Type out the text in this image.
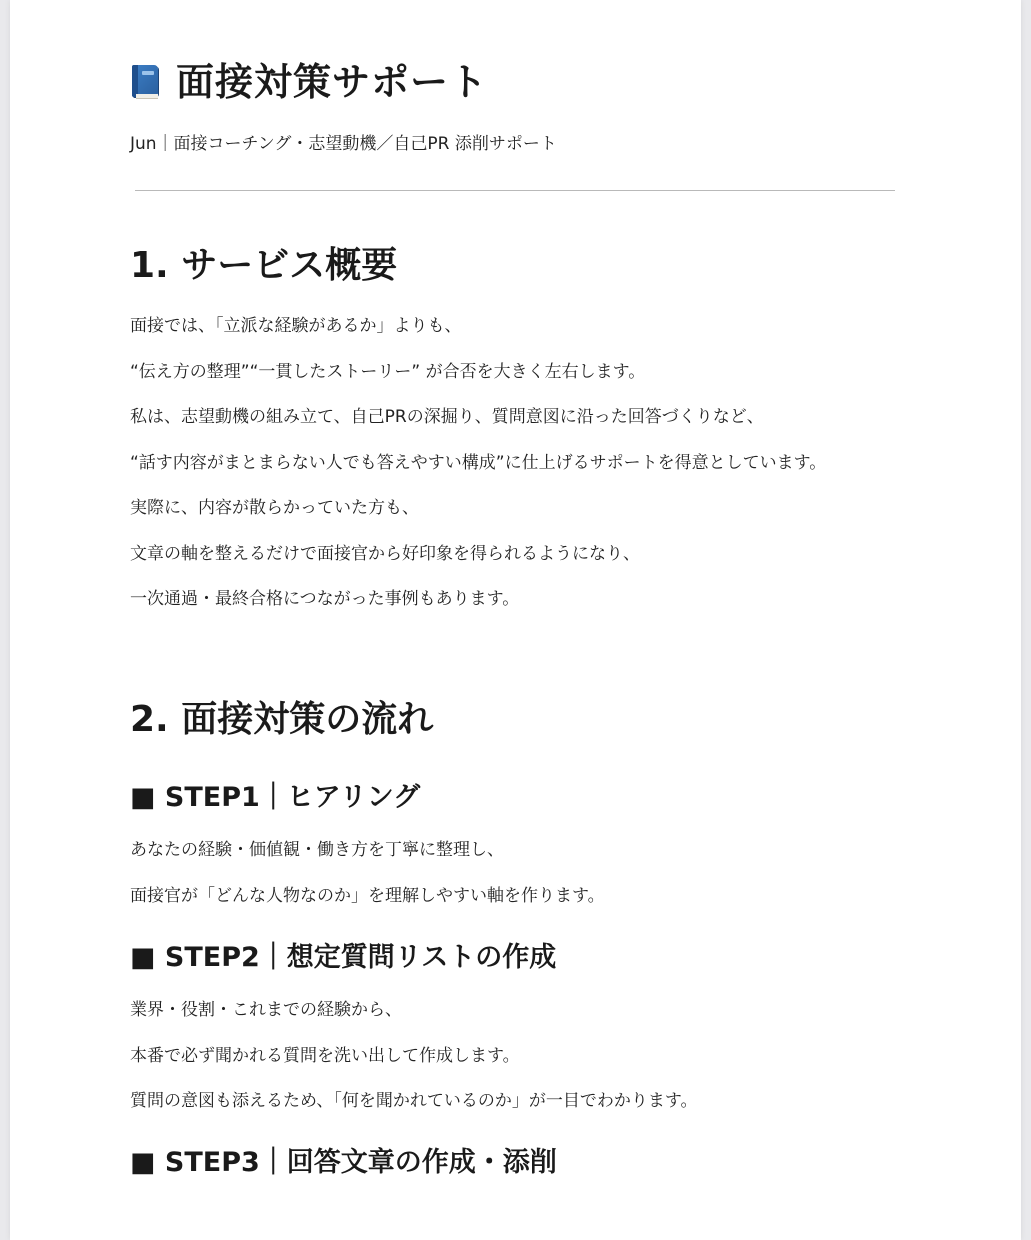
面接対策サポート
Jun｜面接コーチング・志望動機／自己PR 添削サポート
1. サービス概要

面接では、「立派な経験があるか」よりも、

“伝え方の整理”“一貫したストーリー” が合否を大きく左右します。

私は、志望動機の組み立て、自己PRの深掘り、質問意図に沿った回答づくりなど、

“話す内容がまとまらない人でも答えやすい構成”に仕上げるサポートを得意としています。

実際に、内容が散らかっていた方も、

文章の軸を整えるだけで面接官から好印象を得られるようになり、

一次通過・最終合格につながった事例もあります。

2. 面接対策の流れ
■ STEP1｜ヒアリング

あなたの経験・価値観・働き方を丁寧に整理し、

面接官が「どんな人物なのか」を理解しやすい軸を作ります。

■ STEP2｜想定質問リストの作成

業界・役割・これまでの経験から、

本番で必ず聞かれる質問を洗い出して作成します。

質問の意図も添えるため、「何を聞かれているのか」が一目でわかります。

■ STEP3｜回答文章の作成・添削
